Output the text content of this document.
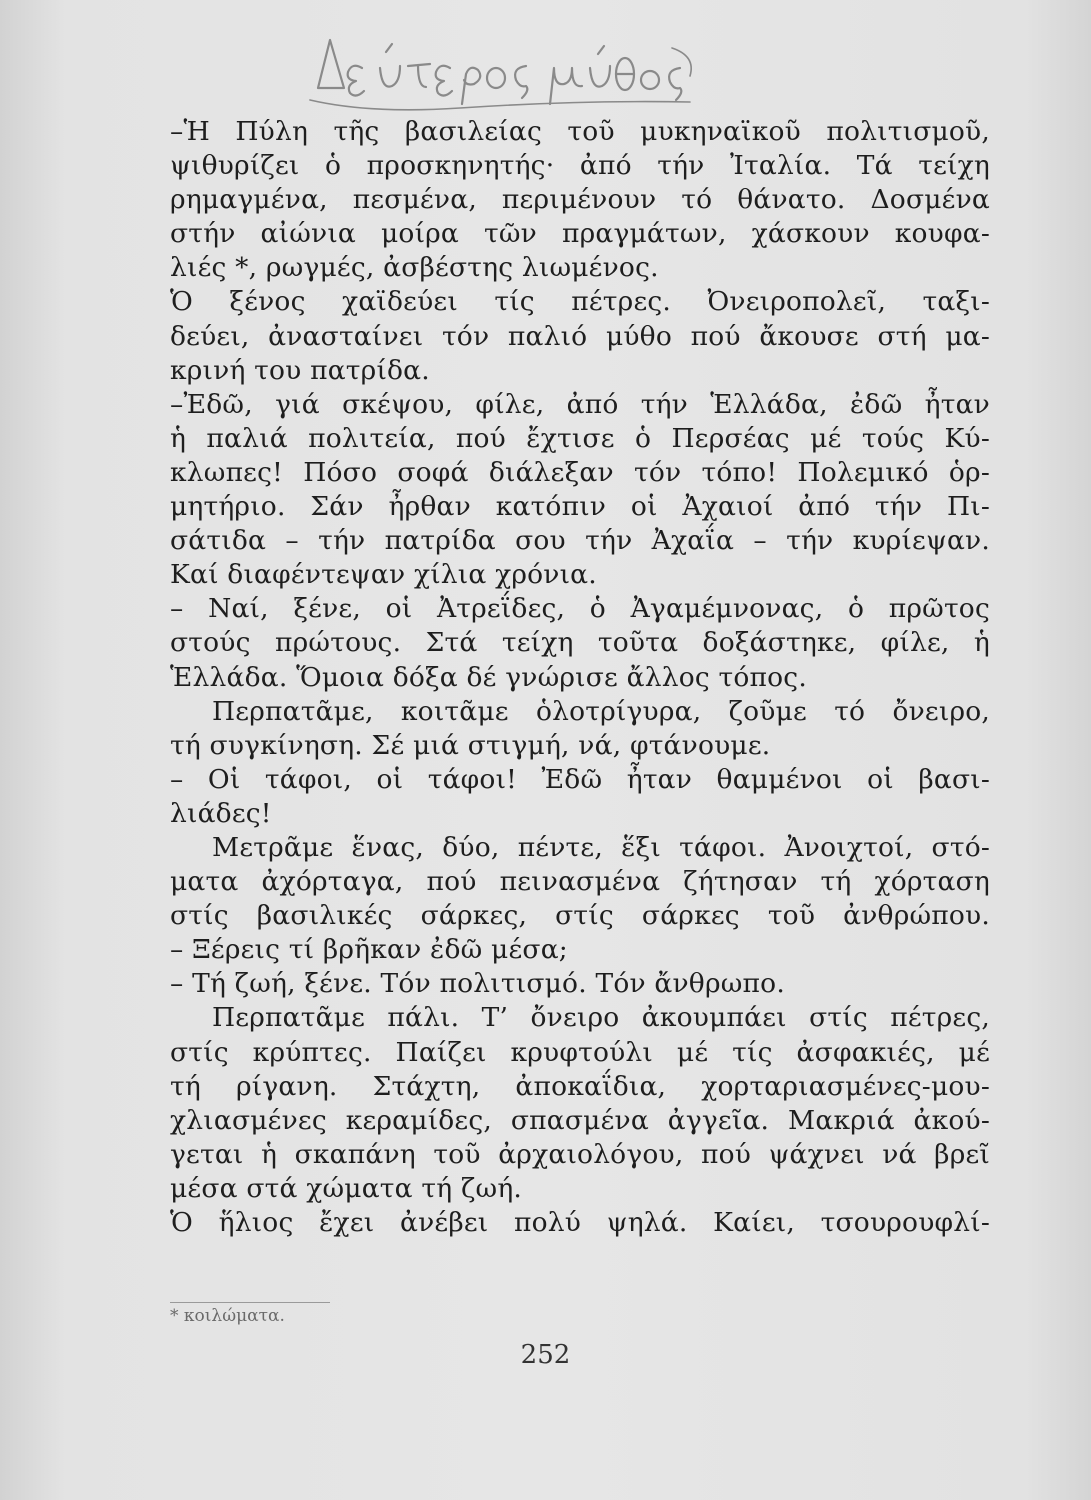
–Ἡ Πύλη τῆς βασιλείας τοῦ μυκηναϊκοῦ πολιτισμοῦ,
ψιθυρίζει ὁ προσκηνητής· ἀπό τήν Ἰταλία. Τά τείχη
ρημαγμένα, πεσμένα, περιμένουν τό θάνατο. Δοσμένα
στήν αἰώνια μοίρα τῶν πραγμάτων, χάσκουν κουφα-
λιές *, ρωγμές, ἀσβέστης λιωμένος.
Ὁ ξένος χαϊδεύει τίς πέτρες. Ὀνειροπολεῖ, ταξι-
δεύει, ἀνασταίνει τόν παλιό μύθο πού ἄκουσε στή μα-
κρινή του πατρίδα.
–Ἐδῶ, γιά σκέψου, φίλε, ἀπό τήν Ἑλλάδα, ἐδῶ ἦταν
ἡ παλιά πολιτεία, πού ἔχτισε ὁ Περσέας μέ τούς Κύ-
κλωπες! Πόσο σοφά διάλεξαν τόν τόπο! Πολεμικό ὁρ-
μητήριο. Σάν ἦρθαν κατόπιν οἱ Ἀχαιοί ἀπό τήν Πι-
σάτιδα – τήν πατρίδα σου τήν Ἀχαΐα – τήν κυρίεψαν.
Καί διαφέντεψαν χίλια χρόνια.
– Ναί, ξένε, οἱ Ἀτρεΐδες, ὁ Ἀγαμέμνονας, ὁ πρῶτος
στούς πρώτους. Στά τείχη τοῦτα δοξάστηκε, φίλε, ἡ
Ἑλλάδα. Ὅμοια δόξα δέ γνώρισε ἄλλος τόπος.
Περπατᾶμε, κοιτᾶμε ὁλοτρίγυρα, ζοῦμε τό ὄνειρο,
τή συγκίνηση. Σέ μιά στιγμή, νά, φτάνουμε.
– Οἱ τάφοι, οἱ τάφοι! Ἐδῶ ἦταν θαμμένοι οἱ βασι-
λιάδες!
Μετρᾶμε ἕνας, δύο, πέντε, ἕξι τάφοι. Ἀνοιχτοί, στό-
ματα ἀχόρταγα, πού πεινασμένα ζήτησαν τή χόρταση
στίς βασιλικές σάρκες, στίς σάρκες τοῦ ἀνθρώπου.
– Ξέρεις τί βρῆκαν ἐδῶ μέσα;
– Τή ζωή, ξένε. Τόν πολιτισμό. Τόν ἄνθρωπο.
Περπατᾶμε πάλι. Τ’ ὄνειρο ἀκουμπάει στίς πέτρες,
στίς κρύπτες. Παίζει κρυφτούλι μέ τίς ἀσφακιές, μέ
τή ρίγανη. Στάχτη, ἀποκαΐδια, χορταριασμένες-μου-
χλιασμένες κεραμίδες, σπασμένα ἀγγεῖα. Μακριά ἀκού-
γεται ἡ σκαπάνη τοῦ ἀρχαιολόγου, πού ψάχνει νά βρεῖ
μέσα στά χώματα τή ζωή.
Ὁ ἥλιος ἔχει ἀνέβει πολύ ψηλά. Καίει, τσουρουφλί-
* κοιλώματα.
252
